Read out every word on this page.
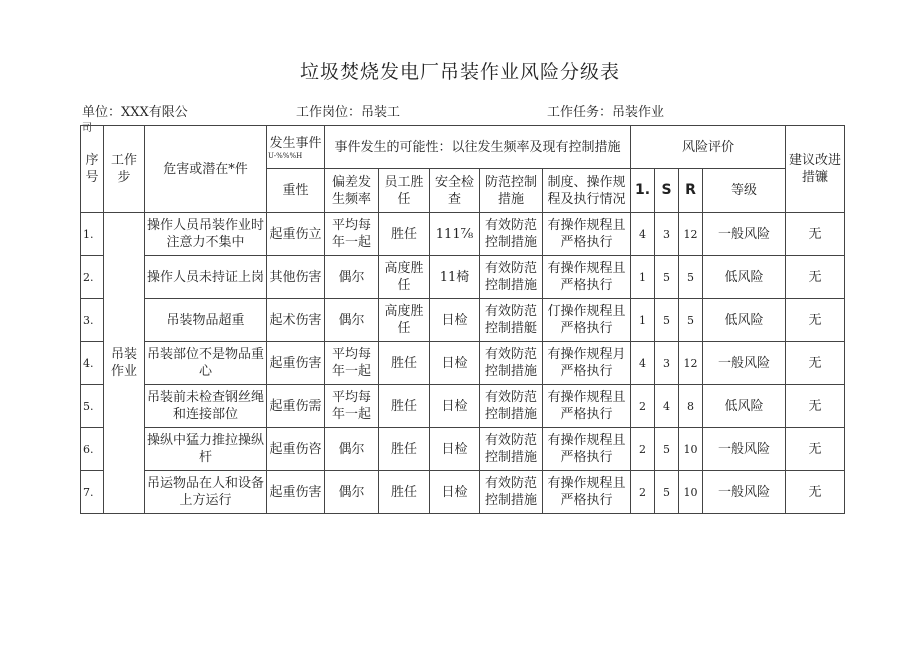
垃圾焚烧发电厂吊装作业风险分级表
单位：XXX有限公	工作岗位：吊装工	工作任务：吊装作业
司
序号	工作步	危害或潜在*件	发生事件
U-%%%H	事件发生的可能性：以往发生频率及现有控制措施					风险评价				建议改进措镰
			重性	偏差发生频率	员工胜任	安全检查	防范控制措施	制度、操作规程及执行情况	1.	S	R	等级	
1.	吊装作业	操作人员吊装作业时注意力不集中	起重伤立	平均每年一起	胜任	111⅞	有效防范控制措施	有操作规程且严格执行	4	3	12	一般风险	无
2.		操作人员未持证上岗	其他伤害	偶尔	高度胜任	11椅	有效防范控制措施	有操作规程且严格执行	1	5	5	低风险	无
3.		吊装物品超重	起术伤害	偶尔	高度胜任	日检	有效防范控制措艇	仃操作规程且严格执行	1	5	5	低风险	无
4.		吊装部位不是物品重心	起重伤害	平均每年一起	胜任	日检	有效防范控制措施	有操作规程月严格执行	4	3	12	一般风险	无
5.		吊装前未检查钢丝绳和连接部位	起重伤需	平均每年一起	胜任	日检	有效防范控制措施	有操作规程且严格执行	2	4	8	低风险	无
6.		操纵中猛力推拉操纵杆	起重伤咨	偶尔	胜任	日检	有效防范控制措施	有操作规程且严格执行	2	5	10	一般风险	无
7.		吊运物品在人和设备上方运行	起重伤害	偶尔	胜任	日检	有效防范控制措施	有操作规程且严格执行	2	5	10	一般风险	无
